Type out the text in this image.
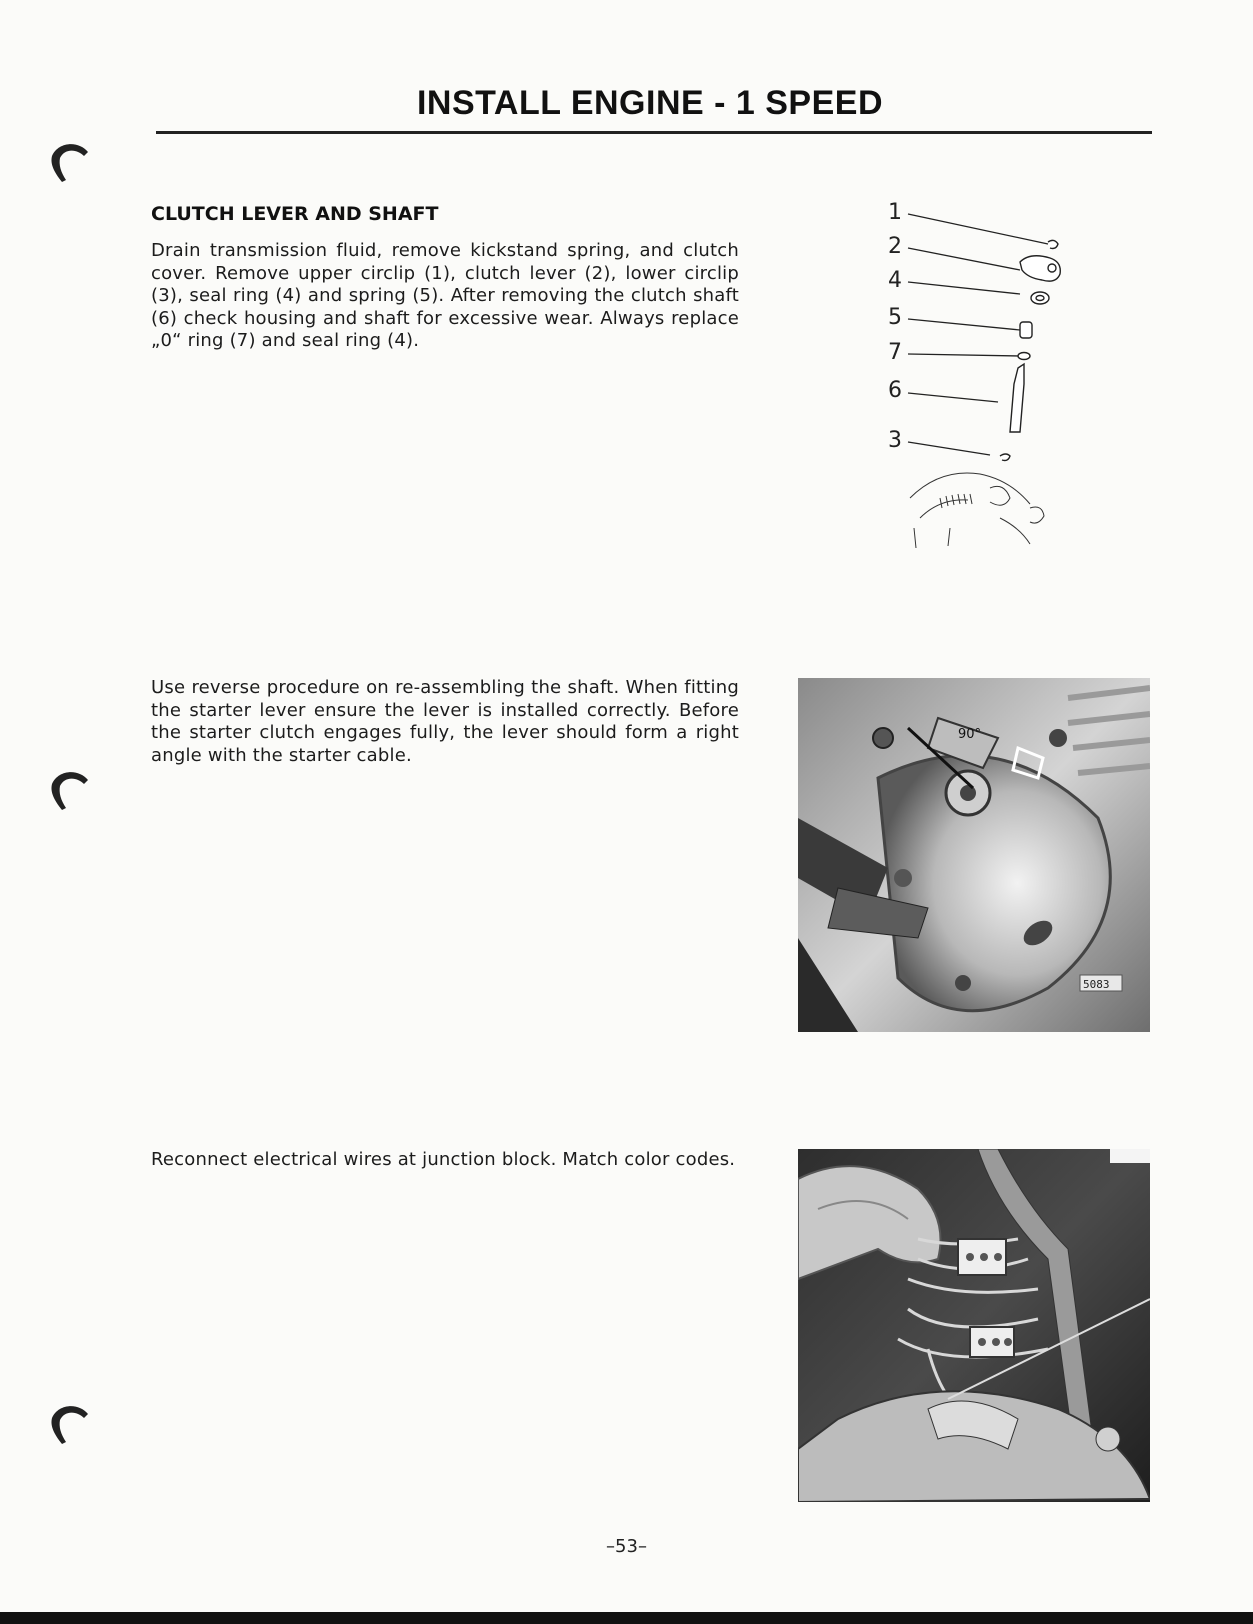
INSTALL ENGINE - 1 SPEED
CLUTCH LEVER AND SHAFT
Drain transmission fluid, remove kickstand spring, and clutch cover. Remove upper circlip (1), clutch lever (2), lower circlip (3), seal ring (4) and spring (5). After removing the clutch shaft (6) check housing and shaft for excessive wear. Always replace „0“ ring (7) and seal ring (4).
1
2
4
5
7
6
3
Use reverse procedure on re-assembling the shaft. When fitting the starter lever ensure the lever is installed correctly. Before the starter clutch engages fully, the lever should form a right angle with the starter cable.
90°
5083
Reconnect electrical wires at junction block. Match color codes.
–53–
